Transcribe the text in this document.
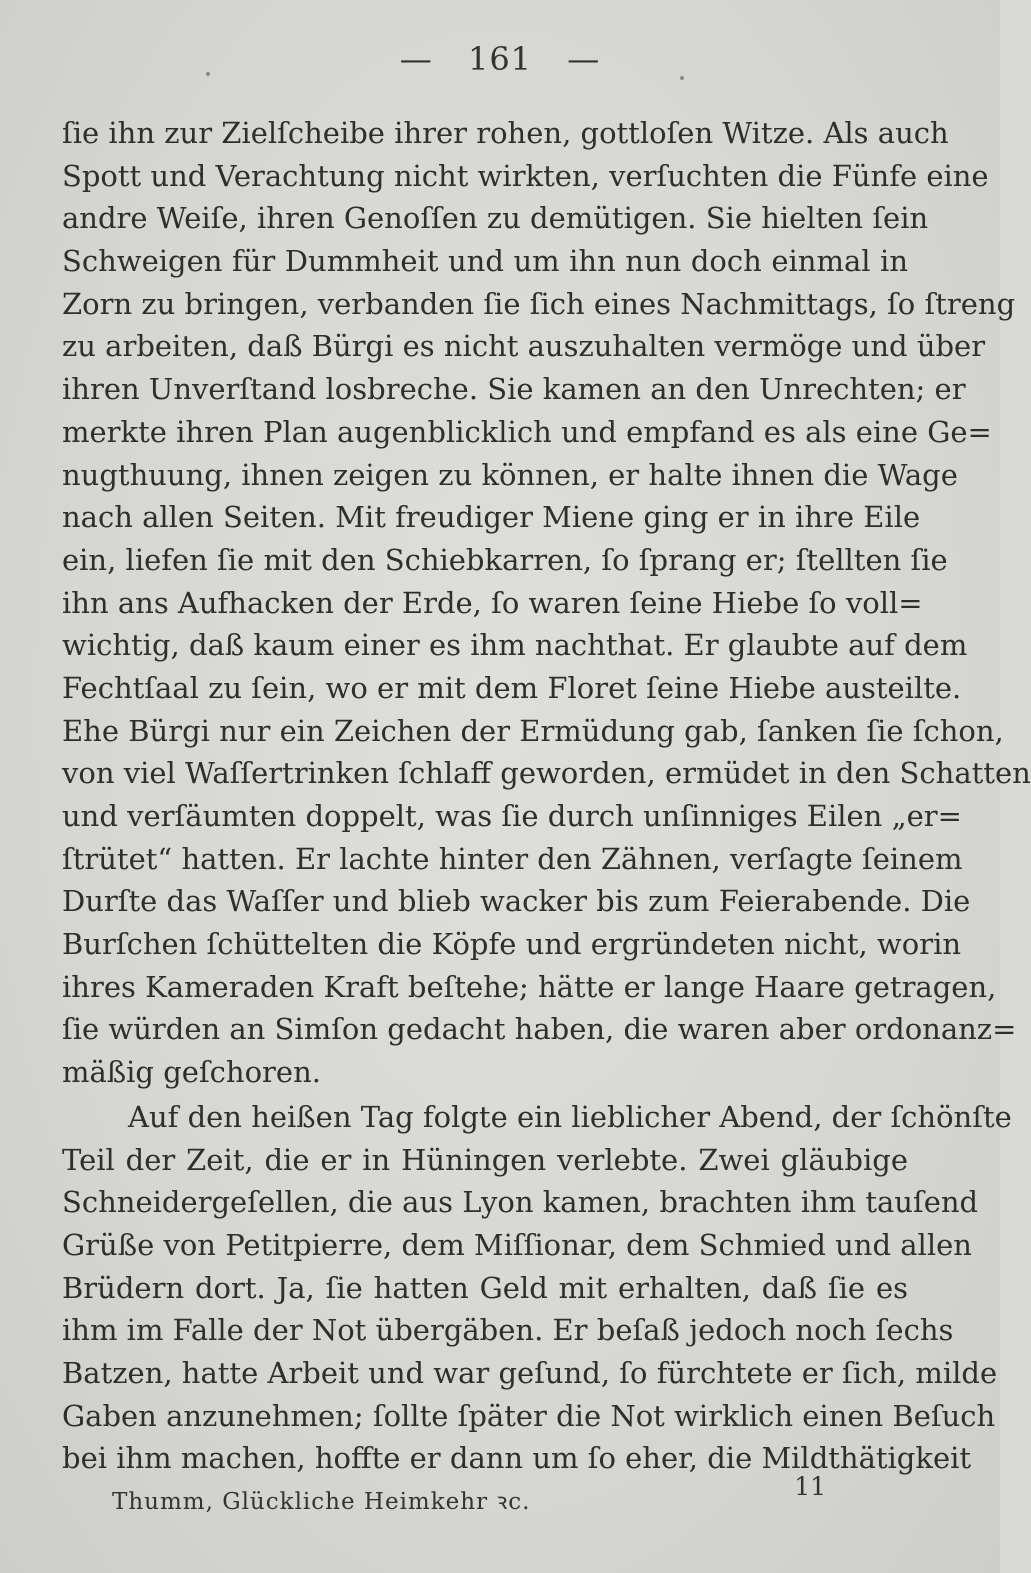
— 161 —
ſie ihn zur Zielſcheibe ihrer rohen, gottloſen Witze. Als auch
Spott und Verachtung nicht wirkten, verſuchten die Fünfe eine
andre Weiſe, ihren Genoſſen zu demütigen. Sie hielten ſein
Schweigen für Dummheit und um ihn nun doch einmal in
Zorn zu bringen, verbanden ſie ſich eines Nachmittags, ſo ſtreng
zu arbeiten, daß Bürgi es nicht auszuhalten vermöge und über
ihren Unverſtand losbreche. Sie kamen an den Unrechten; er
merkte ihren Plan augenblicklich und empfand es als eine Ge=
nugthuung, ihnen zeigen zu können, er halte ihnen die Wage
nach allen Seiten. Mit freudiger Miene ging er in ihre Eile
ein, liefen ſie mit den Schiebkarren, ſo ſprang er; ſtellten ſie
ihn ans Aufhacken der Erde, ſo waren ſeine Hiebe ſo voll=
wichtig, daß kaum einer es ihm nachthat. Er glaubte auf dem
Fechtſaal zu ſein, wo er mit dem Floret ſeine Hiebe austeilte.
Ehe Bürgi nur ein Zeichen der Ermüdung gab, ſanken ſie ſchon,
von viel Waſſertrinken ſchlaff geworden, ermüdet in den Schatten
und verſäumten doppelt, was ſie durch unſinniges Eilen „er=
ſtrütet“ hatten. Er lachte hinter den Zähnen, verſagte ſeinem
Durſte das Waſſer und blieb wacker bis zum Feierabende. Die
Burſchen ſchüttelten die Köpfe und ergründeten nicht, worin
ihres Kameraden Kraft beſtehe; hätte er lange Haare getragen,
ſie würden an Simſon gedacht haben, die waren aber ordonanz=
mäßig geſchoren.
Auf den heißen Tag folgte ein lieblicher Abend, der ſchönſte
Teil der Zeit, die er in Hüningen verlebte. Zwei gläubige
Schneidergeſellen, die aus Lyon kamen, brachten ihm tauſend
Grüße von Petitpierre, dem Miſſionar, dem Schmied und allen
Brüdern dort. Ja, ſie hatten Geld mit erhalten, daß ſie es
ihm im Falle der Not übergäben. Er beſaß jedoch noch ſechs
Batzen, hatte Arbeit und war geſund, ſo fürchtete er ſich, milde
Gaben anzunehmen; ſollte ſpäter die Not wirklich einen Beſuch
bei ihm machen, hoffte er dann um ſo eher, die Mildthätigkeit
Thumm, Glückliche Heimkehr ꝛc.
11
